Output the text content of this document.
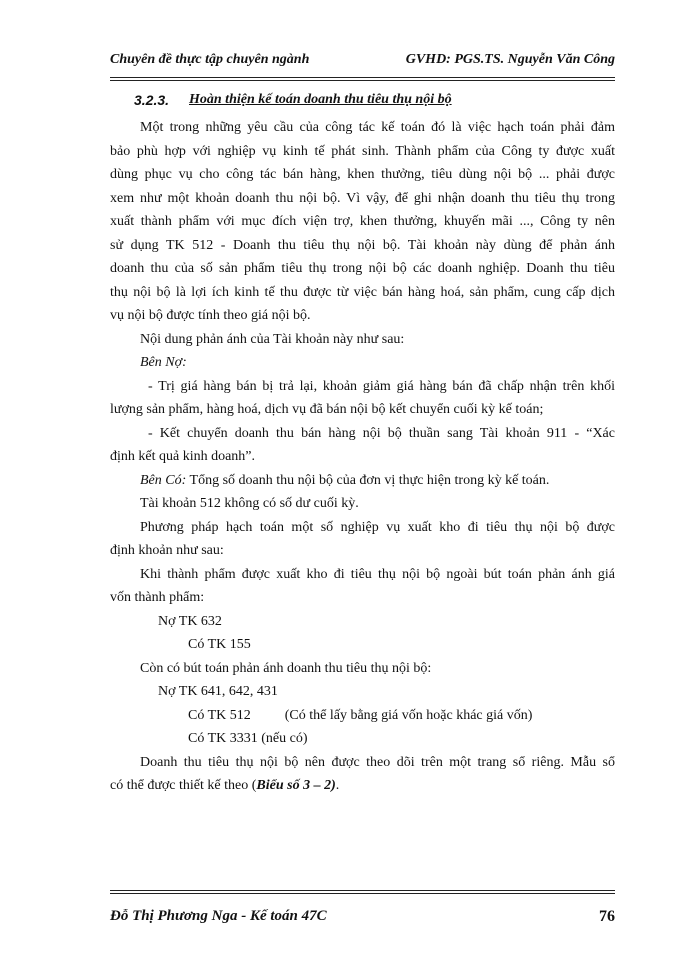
Chuyên đề thực tập chuyên ngành	GVHD: PGS.TS. Nguyễn Văn Công
3.2.3. Hoàn thiện kế toán doanh thu tiêu thụ nội bộ

Một trong những yêu cầu của công tác kế toán đó là việc hạch toán phải đảm

bảo phù hợp với nghiệp vụ kinh tế phát sinh. Thành phẩm của Công ty được xuất

dùng phục vụ cho công tác bán hàng, khen thưởng, tiêu dùng nội bộ ... phải được

xem như một khoản doanh thu nội bộ. Vì vậy, để ghi nhận doanh thu tiêu thụ trong

xuất thành phẩm với mục đích viện trợ, khen thưởng, khuyến mãi ..., Công ty nên

sử dụng TK 512 - Doanh thu tiêu thụ nội bộ. Tài khoản này dùng để phản ánh

doanh thu của số sản phẩm tiêu thụ trong nội bộ các doanh nghiệp. Doanh thu tiêu

thụ nội bộ là lợi ích kinh tế thu được từ việc bán hàng hoá, sản phẩm, cung cấp dịch

vụ nội bộ được tính theo giá nội bộ.

Nội dung phản ánh của Tài khoản này như sau:

Bên Nợ:

- Trị giá hàng bán bị trả lại, khoản giảm giá hàng bán đã chấp nhận trên khối

lượng sản phẩm, hàng hoá, dịch vụ đã bán nội bộ kết chuyển cuối kỳ kế toán;

- Kết chuyển doanh thu bán hàng nội bộ thuần sang Tài khoản 911 - “Xác

định kết quả kinh doanh”.

Bên Có: Tổng số doanh thu nội bộ của đơn vị thực hiện trong kỳ kế toán.

Tài khoản 512 không có số dư cuối kỳ.

Phương pháp hạch toán một số nghiệp vụ xuất kho đi tiêu thụ nội bộ được

định khoản như sau:

Khi thành phẩm được xuất kho đi tiêu thụ nội bộ ngoài bút toán phản ánh giá

vốn thành phẩm:

Nợ TK 632

Có TK 155

Còn có bút toán phản ánh doanh thu tiêu thụ nội bộ:

Nợ TK 641, 642, 431

Có TK 512 (Có thể lấy bằng giá vốn hoặc khác giá vốn)

Có TK 3331 (nếu có)

Doanh thu tiêu thụ nội bộ nên được theo dõi trên một trang sổ riêng. Mẫu sổ

có thể được thiết kế theo (Biểu số 3 – 2).

Đỗ Thị Phương Nga - Kế toán 47C	76
